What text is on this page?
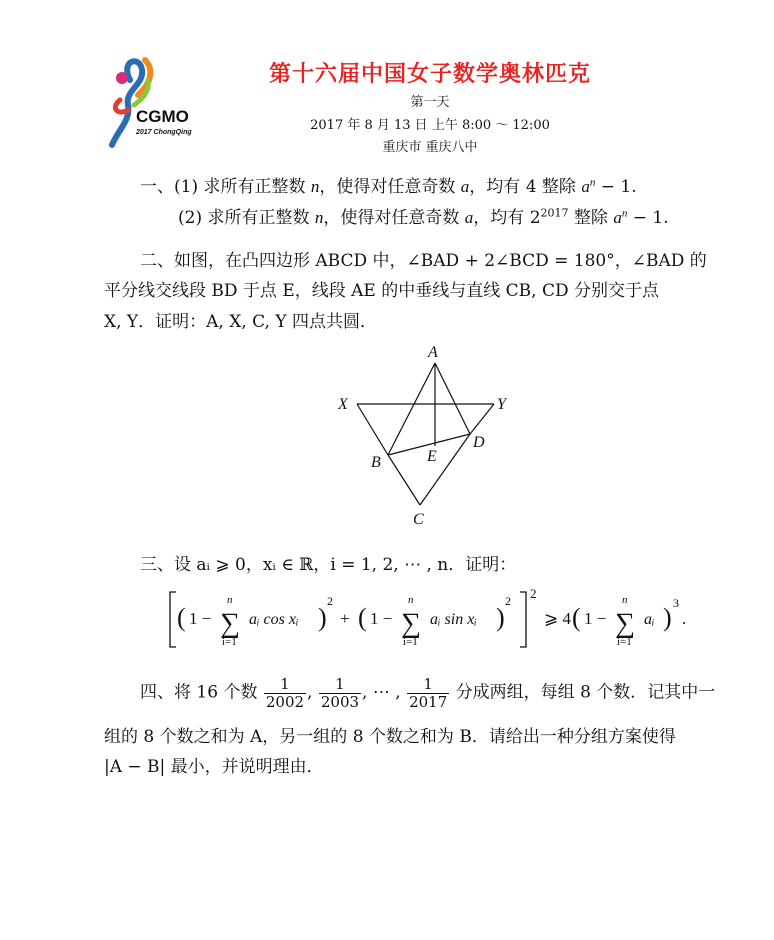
CGMO
2017 ChongQing
第十六届中国女子数学奥林匹克
第一天
2017 年 8 月 13 日 上午 8:00 ～ 12:00
重庆市 重庆八中
一、(1) 求所有正整数 n，使得对任意奇数 a，均有 4 整除 $a^n - 1$.
(2) 求所有正整数 n，使得对任意奇数 a，均有 $2^{2017}$ 整除 $a^n - 1$.
二、如图，在凸四边形 ABCD 中，∠BAD + 2∠BCD = 180°，∠BAD 的
平分线交线段 BD 于点 E，线段 AE 的中垂线与直线 CB, CD 分别交于点
X, Y．证明：A, X, C, Y 四点共圆．
A
X	Y
B	E
D
C
三、设 aᵢ ⩾ 0，xᵢ ∈ ℝ，i = 1, 2, ⋯ , n．证明：
2
( 1 − ∑
n
i=1
aᵢ cos xᵢ )
2
+ ( 1 − ∑
n
i=1
aᵢ sin xᵢ )
2
⩾ 4 ( 1 − ∑
n
i=1
aᵢ ) 3
.
四、将 16 个数 $\frac{1}{2002}$ , $\frac{1}{2003}$ , ⋯ , $\frac{1}{2017}$ 分成两组，每组 8 个数．记其中一
组的 8 个数之和为 A，另一组的 8 个数之和为 B．请给出一种分组方案使得
|A − B| 最小，并说明理由．
